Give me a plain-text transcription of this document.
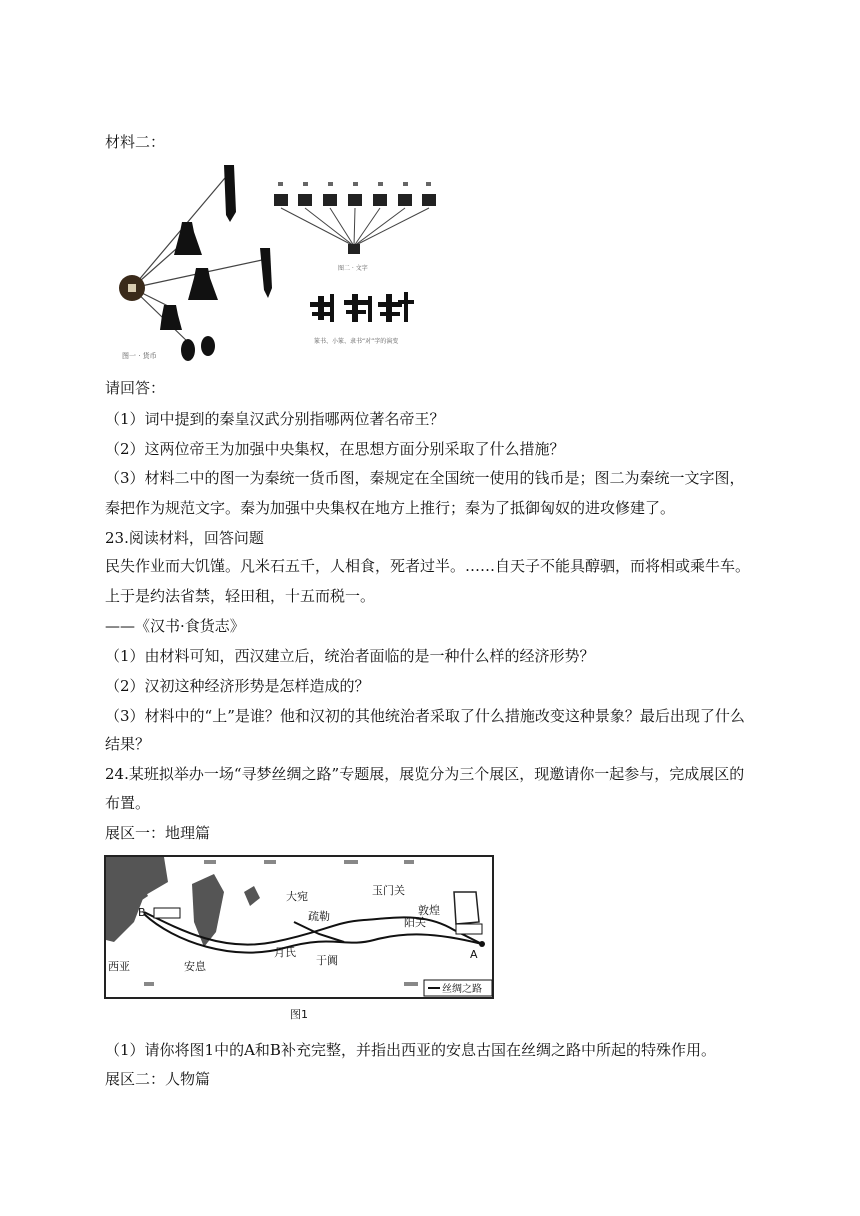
材料二：
图一 · 货币
图二 · 文字
篆书、小篆、隶书“对”字的演变
请回答：
（1）词中提到的秦皇汉武分别指哪两位著名帝王？
（2）这两位帝王为加强中央集权，在思想方面分别采取了什么措施？
（3）材料二中的图一为秦统一货币图，秦规定在全国统一使用的钱币是；图二为秦统一文字图，
秦把作为规范文字。秦为加强中央集权在地方上推行；秦为了抵御匈奴的进攻修建了。
23.阅读材料，回答问题
民失作业而大饥馑。凡米石五千，人相食，死者过半。……自天子不能具醇驷，而将相或乘牛车。
上于是约法省禁，轻田租，十五而税一。
——《汉书·食货志》
（1）由材料可知，西汉建立后，统治者面临的是一种什么样的经济形势？
（2）汉初这种经济形势是怎样造成的？
（3）材料中的“上”是谁？他和汉初的其他统治者采取了什么措施改变这种景象？最后出现了什么
结果？
24.某班拟举办一场“寻梦丝绸之路”专题展，展览分为三个展区，现邀请你一起参与，完成展区的
布置。
展区一：地理篇
B
A
玉门关
大宛
阳关
敦煌
疏勒
于阗
月氏
安息
西亚
丝绸之路
图1
（1）请你将图1中的A和B补充完整，并指出西亚的安息古国在丝绸之路中所起的特殊作用。
展区二：人物篇
